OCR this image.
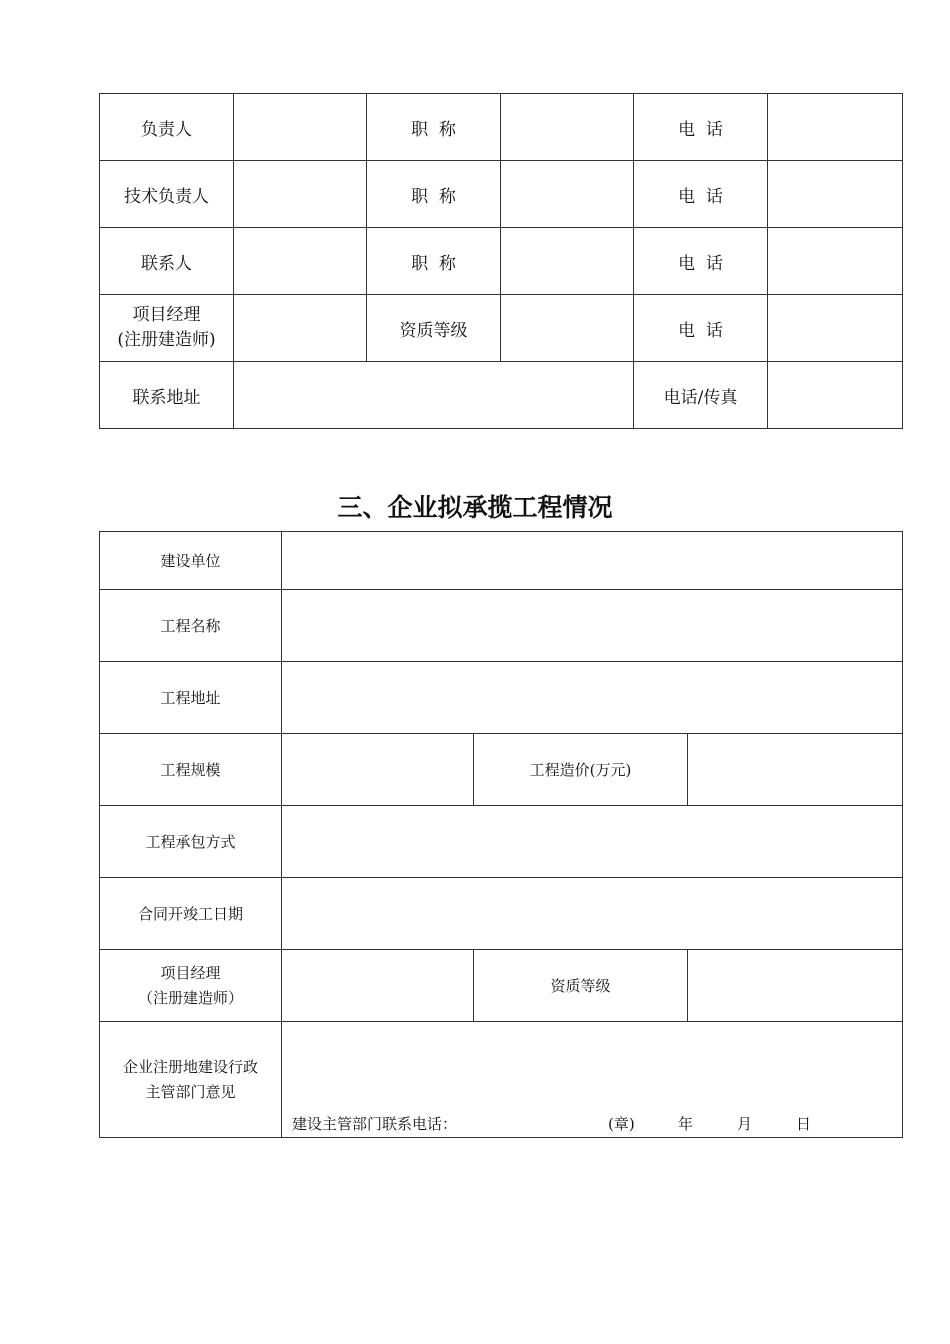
负责人		职  称		电  话	
技术负责人		职  称		电  话	
联系人		职  称		电  话	

项目经理
(注册建造师)		资质等级		电  话	
联系地址				电话/传真	
三、企业拟承揽工程情况
建设单位			
工程名称			
工程地址			
工程规模		工程造价(万元)	
工程承包方式			
合同开竣工日期			

项目经理
（注册建造师）		资质等级	

企业注册地建设行政
主管部门意见	建设主管部门联系电话： (章) 年 月 日		
